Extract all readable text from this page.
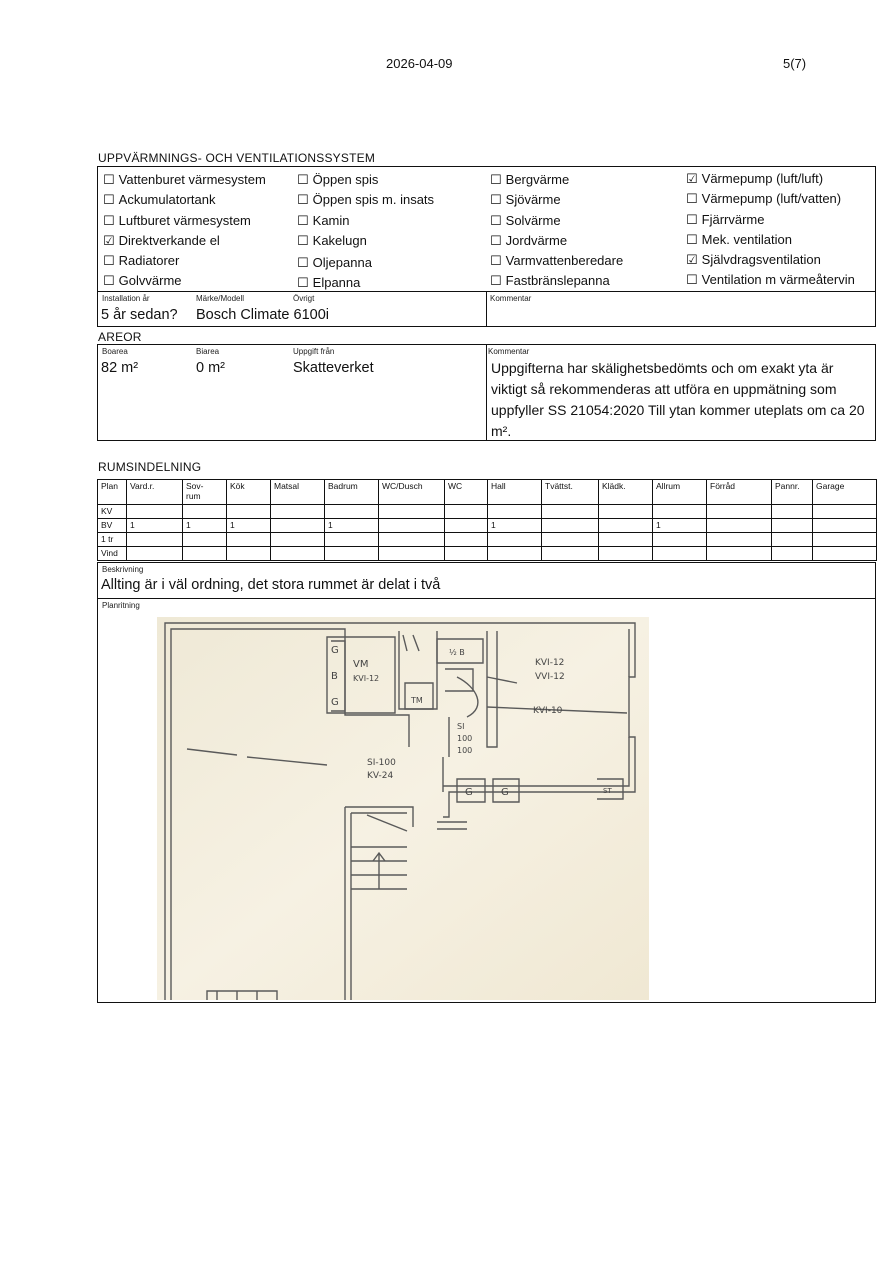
2026-04-09	5(7)
UPPVÄRMNINGS- OCH VENTILATIONSSYSTEM
☐ Vattenburet värmesystem
☐ Ackumulatortank
☐ Luftburet värmesystem
☑ Direktverkande el
☐ Radiatorer
☐ Golvvärme
☐ Öppen spis
☐ Öppen spis m. insats
☐ Kamin
☐ Kakelugn
☐ Oljepanna
☐ Elpanna
☐ Bergvärme
☐ Sjövärme
☐ Solvärme
☐ Jordvärme
☐ Varmvattenberedare
☐ Fastbränslepanna
☑ Värmepump (luft/luft)
☐ Värmepump (luft/vatten)
☐ Fjärrvärme
☐ Mek. ventilation
☑ Självdragsventilation
☐ Ventilation m värmeåtervin
Installation år
5 år sedan?
Märke/Modell
Bosch Climate 6100i
Övrigt	Kommentar
AREOR
Boarea
82 m²
Biarea
0 m²
Uppgift från
Skatteverket
Kommentar
Uppgifterna har skälighetsbedömts och om exakt yta är viktigt så rekommenderas att utföra en uppmätning som uppfyller SS 21054:2020 Till ytan kommer uteplats om ca 20 m².
RUMSINDELNING
Plan	Vard.r.	Sov-
rum	Kök	Matsal	Badrum	WC/Dusch	WC	Hall	Tvättst.	Klädk.	Allrum	Förråd	Pannr.	Garage
KV														
BV	1	1	1		1			1			1			
1 tr														
Vind														
Beskrivning
Allting är i väl ordning, det stora rummet är delat i två
Planritning
G
B
G
VM
KVI-12
TM
½ B
KVI-12
VVI-12
KVI-10
SI
100
100
SI-100
KV-24
G	G	ST
